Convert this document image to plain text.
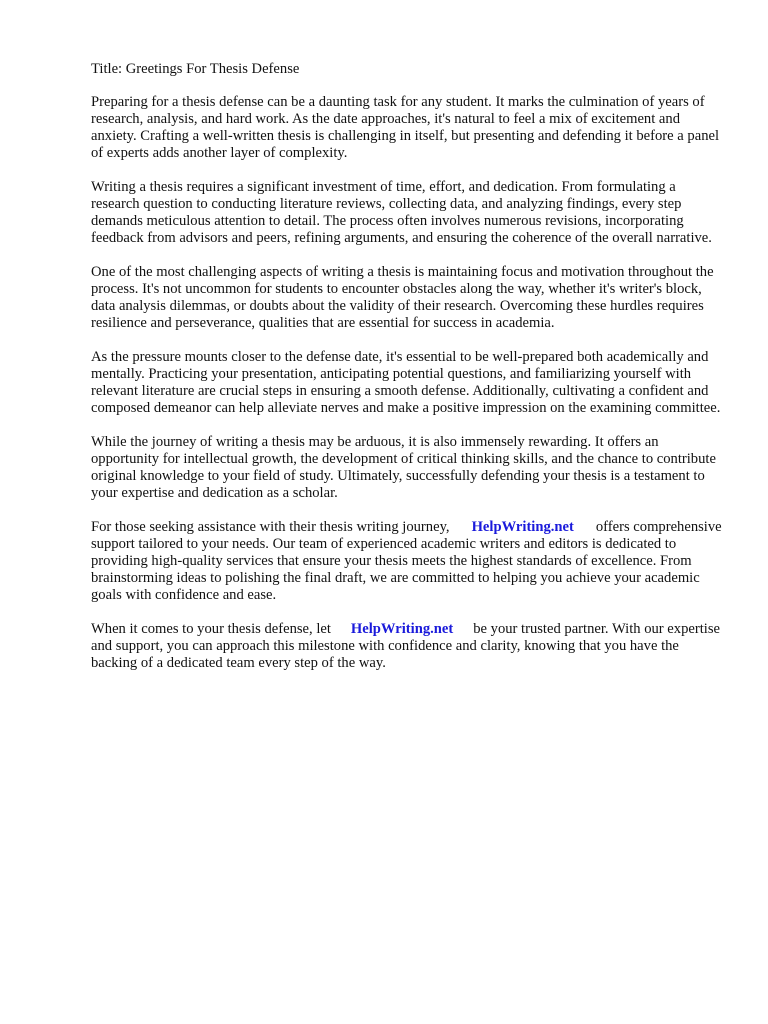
Title: Greetings For Thesis Defense

Preparing for a thesis defense can be a daunting task for any student. It marks the culmination of years of research, analysis, and hard work. As the date approaches, it's natural to feel a mix of excitement and anxiety. Crafting a well-written thesis is challenging in itself, but presenting and defending it before a panel of experts adds another layer of complexity.

Writing a thesis requires a significant investment of time, effort, and dedication. From formulating a research question to conducting literature reviews, collecting data, and analyzing findings, every step demands meticulous attention to detail. The process often involves numerous revisions, incorporating feedback from advisors and peers, refining arguments, and ensuring the coherence of the overall narrative.

One of the most challenging aspects of writing a thesis is maintaining focus and motivation throughout the process. It's not uncommon for students to encounter obstacles along the way, whether it's writer's block, data analysis dilemmas, or doubts about the validity of their research. Overcoming these hurdles requires resilience and perseverance, qualities that are essential for success in academia.

As the pressure mounts closer to the defense date, it's essential to be well-prepared both academically and mentally. Practicing your presentation, anticipating potential questions, and familiarizing yourself with relevant literature are crucial steps in ensuring a smooth defense. Additionally, cultivating a confident and composed demeanor can help alleviate nerves and make a positive impression on the examining committee.

While the journey of writing a thesis may be arduous, it is also immensely rewarding. It offers an opportunity for intellectual growth, the development of critical thinking skills, and the chance to contribute original knowledge to your field of study. Ultimately, successfully defending your thesis is a testament to your expertise and dedication as a scholar.

For those seeking assistance with their thesis writing journey, HelpWriting.net offers comprehensive support tailored to your needs. Our team of experienced academic writers and editors is dedicated to providing high-quality services that ensure your thesis meets the highest standards of excellence. From brainstorming ideas to polishing the final draft, we are committed to helping you achieve your academic goals with confidence and ease.

When it comes to your thesis defense, let HelpWriting.net be your trusted partner. With our expertise and support, you can approach this milestone with confidence and clarity, knowing that you have the backing of a dedicated team every step of the way.
